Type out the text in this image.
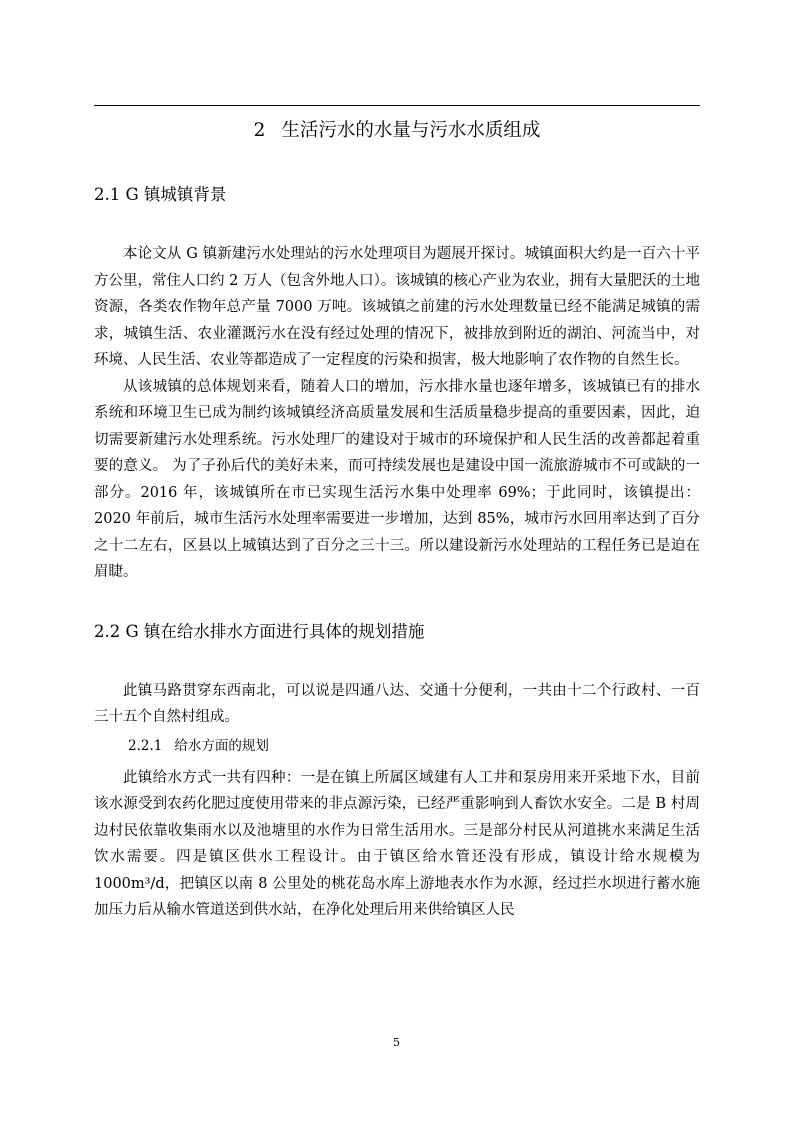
2 生活污水的水量与污水水质组成
2.1 G 镇城镇背景

本论文从 G 镇新建污水处理站的污水处理项目为题展开探讨。城镇面积大约是一百六十平方公里，常住人口约 2 万人（包含外地人口）。该城镇的核心产业为农业，拥有大量肥沃的土地资源，各类农作物年总产量 7000 万吨。该城镇之前建的污水处理数量已经不能满足城镇的需求，城镇生活、农业灌溉污水在没有经过处理的情况下，被排放到附近的湖泊、河流当中，对环境、人民生活、农业等都造成了一定程度的污染和损害，极大地影响了农作物的自然生长。

从该城镇的总体规划来看，随着人口的增加，污水排水量也逐年增多，该城镇已有的排水系统和环境卫生已成为制约该城镇经济高质量发展和生活质量稳步提高的重要因素，因此，迫切需要新建污水处理系统。污水处理厂的建设对于城市的环境保护和人民生活的改善都起着重要的意义。 为了子孙后代的美好未来，而可持续发展也是建设中国一流旅游城市不可或缺的一部分。2016 年，该城镇所在市已实现生活污水集中处理率 69%；于此同时，该镇提出：2020 年前后，城市生活污水处理率需要进一步增加，达到 85%，城市污水回用率达到了百分之十二左右，区县以上城镇达到了百分之三十三。所以建设新污水处理站的工程任务已是迫在眉睫。

2.2 G 镇在给水排水方面进行具体的规划措施

此镇马路贯穿东西南北，可以说是四通八达、交通十分便利，一共由十二个行政村、一百三十五个自然村组成。

2.2.1 给水方面的规划

此镇给水方式一共有四种：一是在镇上所属区域建有人工井和泵房用来开采地下水，目前该水源受到农药化肥过度使用带来的非点源污染，已经严重影响到人畜饮水安全。二是 B 村周边村民依靠收集雨水以及池塘里的水作为日常生活用水。三是部分村民从河道挑水来满足生活饮水需要。四是镇区供水工程设计。由于镇区给水管还没有形成，镇设计给水规模为 1000m³/d，把镇区以南 8 公里处的桃花岛水库上游地表水作为水源，经过拦水坝进行蓄水施加压力后从输水管道送到供水站，在净化处理后用来供给镇区人民

5
